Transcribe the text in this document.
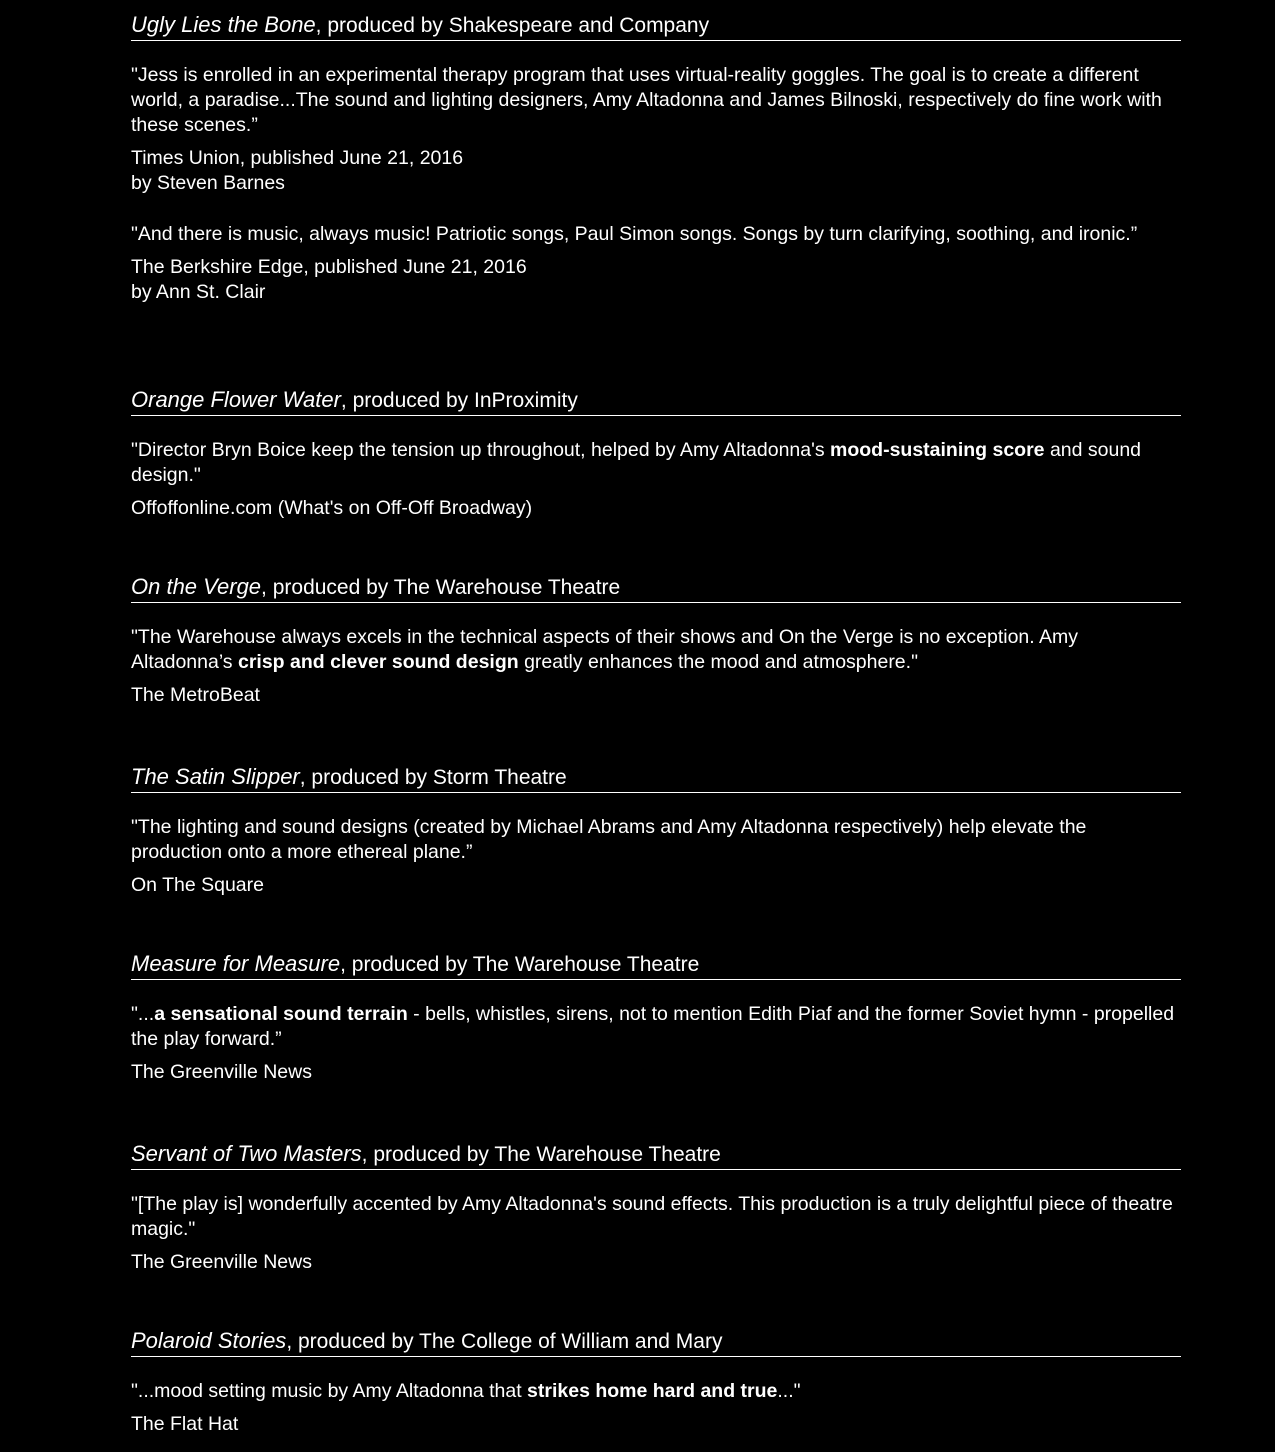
Ugly Lies the Bone, produced by Shakespeare and Company

"Jess is enrolled in an experimental therapy program that uses virtual-reality goggles. The goal is to create a different world, a paradise...The sound and lighting designers, Amy Altadonna and James Bilnoski, respectively do fine work with these scenes.”

Times Union, published June 21, 2016
by Steven Barnes

"And there is music, always music! Patriotic songs, Paul Simon songs. Songs by turn clarifying, soothing, and ironic.”

The Berkshire Edge, published June 21, 2016
by Ann St. Clair
Orange Flower Water, produced by InProximity

"Director Bryn Boice keep the tension up throughout, helped by Amy Altadonna's mood-sustaining score and sound design."

Offoffonline.com (What's on Off-Off Broadway)
On the Verge, produced by The Warehouse Theatre

"The Warehouse always excels in the technical aspects of their shows and On the Verge is no exception. Amy Altadonna’s crisp and clever sound design greatly enhances the mood and atmosphere."

The MetroBeat
The Satin Slipper, produced by Storm Theatre

"The lighting and sound designs (created by Michael Abrams and Amy Altadonna respectively) help elevate the production onto a more ethereal plane.”

On The Square
Measure for Measure, produced by The Warehouse Theatre

"...a sensational sound terrain - bells, whistles, sirens, not to mention Edith Piaf and the former Soviet hymn - propelled the play forward.”

The Greenville News
Servant of Two Masters, produced by The Warehouse Theatre

"[The play is] wonderfully accented by Amy Altadonna's sound effects. This production is a truly delightful piece of theatre magic."

The Greenville News
Polaroid Stories, produced by The College of William and Mary

"...mood setting music by Amy Altadonna that strikes home hard and true..."

The Flat Hat
